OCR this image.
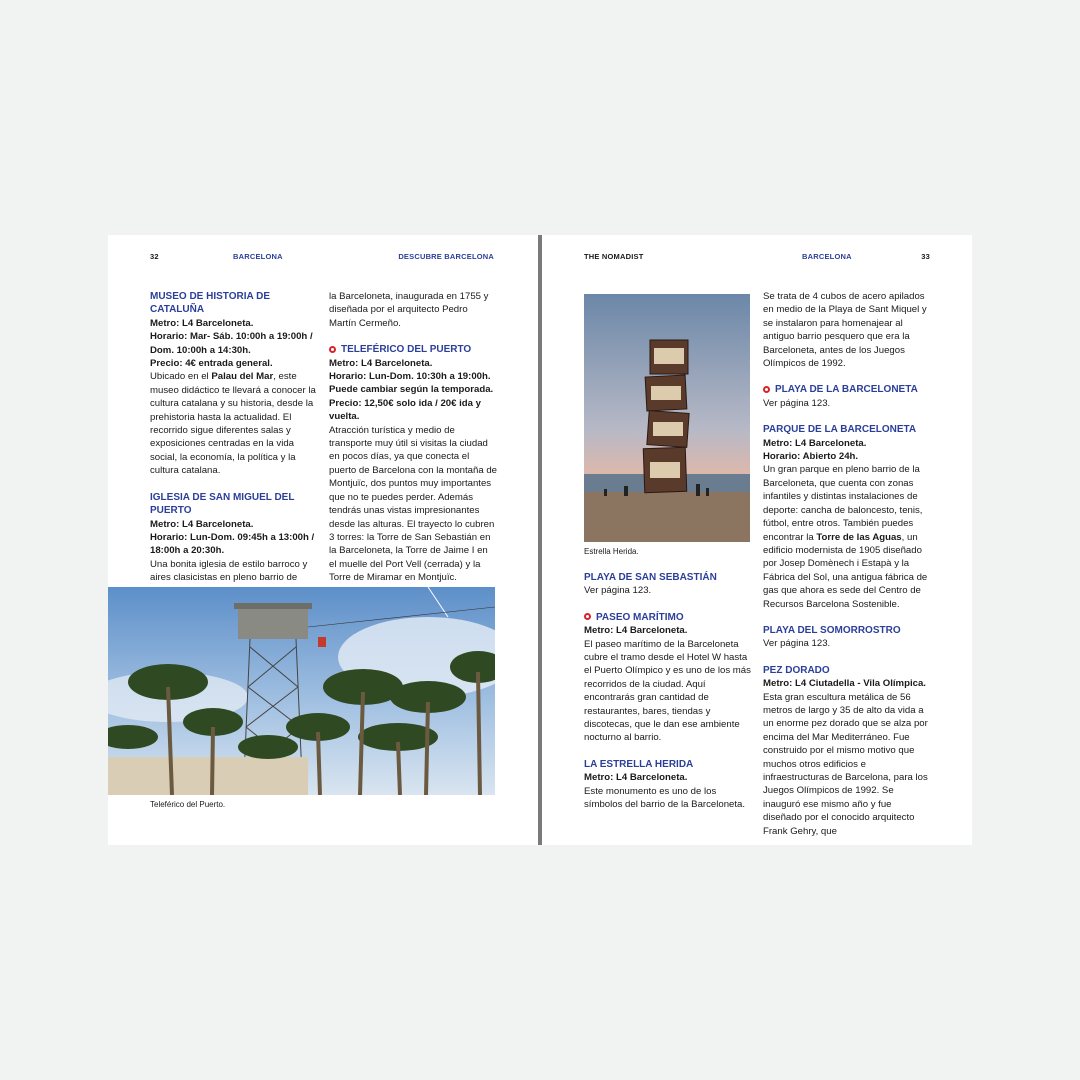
32	BARCELONA	DESCUBRE BARCELONA

MUSEO DE HISTORIA DE CATALUÑA

Metro: L4 Barceloneta.

Horario: Mar- Sáb. 10:00h a 19:00h /

Dom. 10:00h a 14:30h.

Precio: 4€ entrada general.

Ubicado en el Palau del Mar, este museo didáctico te llevará a conocer la cultura catalana y su historia, desde la prehistoria hasta la actualidad. El recorrido sigue diferentes salas y exposiciones centradas en la vida social, la economía, la política y la cultura catalana.

IGLESIA DE SAN MIGUEL DEL PUERTO

Metro: L4 Barceloneta.

Horario: Lun-Dom. 09:45h a 13:00h /

18:00h a 20:30h.

Una bonita iglesia de estilo barroco y aires clasicistas en pleno barrio de

la Barceloneta, inaugurada en 1755 y diseñada por el arquitecto Pedro Martín Cermeño.

TELEFÉRICO DEL PUERTO

Metro: L4 Barceloneta.

Horario: Lun-Dom. 10:30h a 19:00h.

Puede cambiar según la temporada.

Precio: 12,50€ solo ida / 20€ ida y vuelta.

Atracción turística y medio de transporte muy útil si visitas la ciudad en pocos días, ya que conecta el puerto de Barcelona con la montaña de Montjuïc, dos puntos muy importantes que no te puedes perder. Además tendrás unas vistas impresionantes desde las alturas. El trayecto lo cubren 3 torres: la Torre de San Sebastián en la Barceloneta, la Torre de Jaime I en el muelle del Port Vell (cerrada) y la Torre de Miramar en Montjuïc.

Teleférico del Puerto.
THE NOMADIST	BARCELONA	33
Estrella Herida.

PLAYA DE SAN SEBASTIÁN

Ver página 123.

PASEO MARÍTIMO

Metro: L4 Barceloneta.

El paseo marítimo de la Barceloneta cubre el tramo desde el Hotel W hasta el Puerto Olímpico y es uno de los más recorridos de la ciudad. Aquí encontrarás gran cantidad de restaurantes, bares, tiendas y discotecas, que le dan ese ambiente nocturno al barrio.

LA ESTRELLA HERIDA

Metro: L4 Barceloneta.

Este monumento es uno de los símbolos del barrio de la Barceloneta.

Se trata de 4 cubos de acero apilados en medio de la Playa de Sant Miquel y se instalaron para homenajear al antiguo barrio pesquero que era la Barceloneta, antes de los Juegos Olímpicos de 1992.

PLAYA DE LA BARCELONETA

Ver página 123.

PARQUE DE LA BARCELONETA

Metro: L4 Barceloneta.

Horario: Abierto 24h.

Un gran parque en pleno barrio de la Barceloneta, que cuenta con zonas infantiles y distintas instalaciones de deporte: cancha de baloncesto, tenis, fútbol, entre otros. También puedes encontrar la Torre de las Aguas, un edificio modernista de 1905 diseñado por Josep Domènech i Estapà y la Fábrica del Sol, una antigua fábrica de gas que ahora es sede del Centro de Recursos Barcelona Sostenible.

PLAYA DEL SOMORROSTRO

Ver página 123.

PEZ DORADO

Metro: L4 Ciutadella - Vila Olímpica.

Esta gran escultura metálica de 56 metros de largo y 35 de alto da vida a un enorme pez dorado que se alza por encima del Mar Mediterráneo. Fue construido por el mismo motivo que muchos otros edificios e infraestructuras de Barcelona, para los Juegos Olímpicos de 1992. Se inauguró ese mismo año y fue diseñado por el conocido arquitecto Frank Gehry, que
